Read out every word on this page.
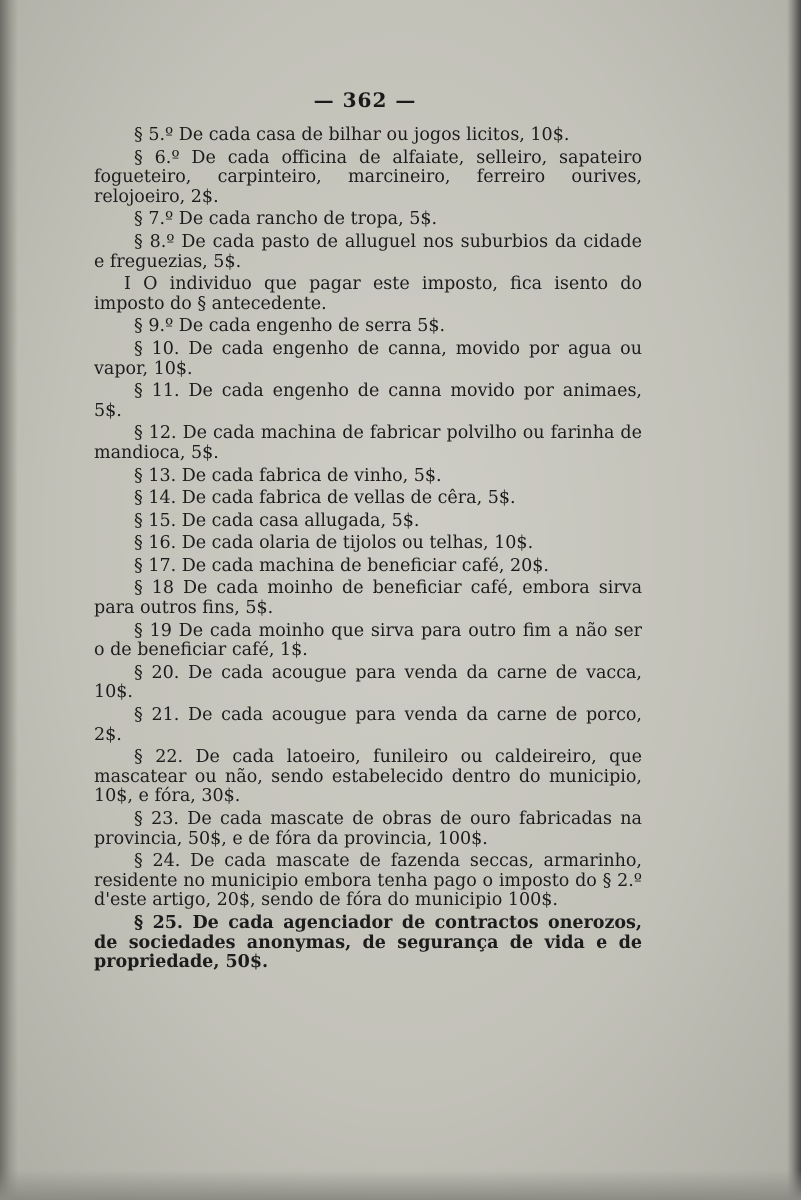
— 362 —

§ 5.º De cada casa de bilhar ou jogos licitos, 10$.

§ 6.º De cada officina de alfaiate, selleiro, sapateiro fogueteiro, carpinteiro, marcineiro, ferreiro ourives, relojoeiro, 2$.

§ 7.º De cada rancho de tropa, 5$.

§ 8.º De cada pasto de alluguel nos suburbios da cidade e freguezias, 5$.

I O individuo que pagar este imposto, fica isento do imposto do § antecedente.

§ 9.º De cada engenho de serra 5$.

§ 10. De cada engenho de canna, movido por agua ou vapor, 10$.

§ 11. De cada engenho de canna movido por animaes, 5$.

§ 12. De cada machina de fabricar polvilho ou farinha de mandioca, 5$.

§ 13. De cada fabrica de vinho, 5$.

§ 14. De cada fabrica de vellas de cêra, 5$.

§ 15. De cada casa allugada, 5$.

§ 16. De cada olaria de tijolos ou telhas, 10$.

§ 17. De cada machina de beneficiar café, 20$.

§ 18 De cada moinho de beneficiar café, embora sirva para outros fins, 5$.

§ 19 De cada moinho que sirva para outro fim a não ser o de beneficiar café, 1$.

§ 20. De cada acougue para venda da carne de vacca, 10$.

§ 21. De cada acougue para venda da carne de porco, 2$.

§ 22. De cada latoeiro, funileiro ou caldeireiro, que mascatear ou não, sendo estabelecido dentro do municipio, 10$, e fóra, 30$.

§ 23. De cada mascate de obras de ouro fabricadas na provincia, 50$, e de fóra da provincia, 100$.

§ 24. De cada mascate de fazenda seccas, armarinho, residente no municipio embora tenha pago o imposto do § 2.º d'este artigo, 20$, sendo de fóra do municipio 100$.

§ 25. De cada agenciador de contractos onerozos, de sociedades anonymas, de segurança de vida e de propriedade, 50$.
